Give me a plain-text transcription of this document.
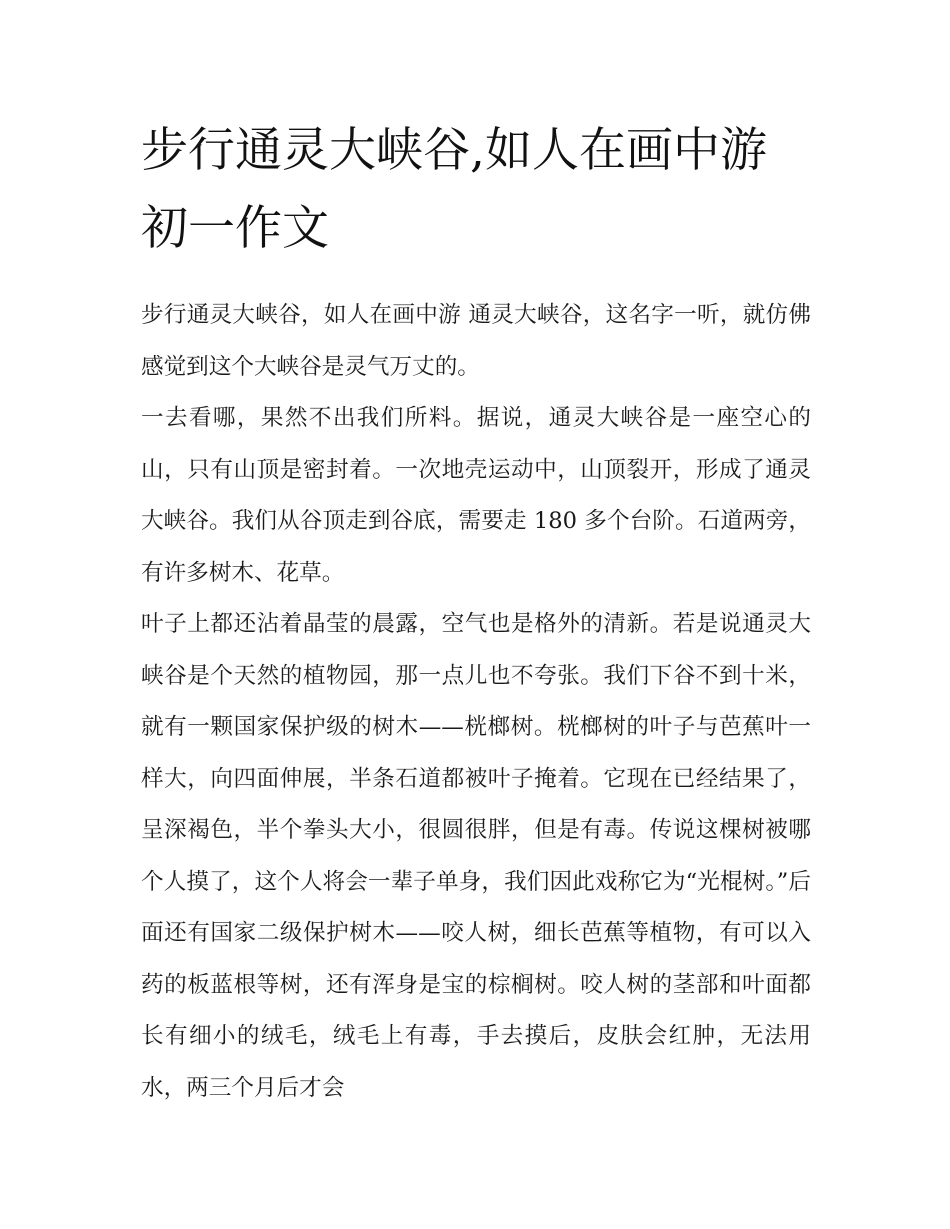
步行通灵大峡谷,如人在画中游初一作文

步行通灵大峡谷，如人在画中游 通灵大峡谷，这名字一听，就仿佛感觉到这个大峡谷是灵气万丈的。

一去看哪，果然不出我们所料。据说，通灵大峡谷是一座空心的山，只有山顶是密封着。一次地壳运动中，山顶裂开，形成了通灵大峡谷。我们从谷顶走到谷底，需要走 180 多个台阶。石道两旁，有许多树木、花草。

叶子上都还沾着晶莹的晨露，空气也是格外的清新。若是说通灵大峡谷是个天然的植物园，那一点儿也不夸张。我们下谷不到十米，就有一颗国家保护级的树木——桄榔树。桄榔树的叶子与芭蕉叶一样大，向四面伸展，半条石道都被叶子掩着。它现在已经结果了，呈深褐色，半个拳头大小，很圆很胖，但是有毒。传说这棵树被哪个人摸了，这个人将会一辈子单身，我们因此戏称它为“光棍树。”后面还有国家二级保护树木——咬人树，细长芭蕉等植物，有可以入药的板蓝根等树，还有浑身是宝的棕榈树。咬人树的茎部和叶面都长有细小的绒毛，绒毛上有毒，手去摸后，皮肤会红肿，无法用水，两三个月后才会
